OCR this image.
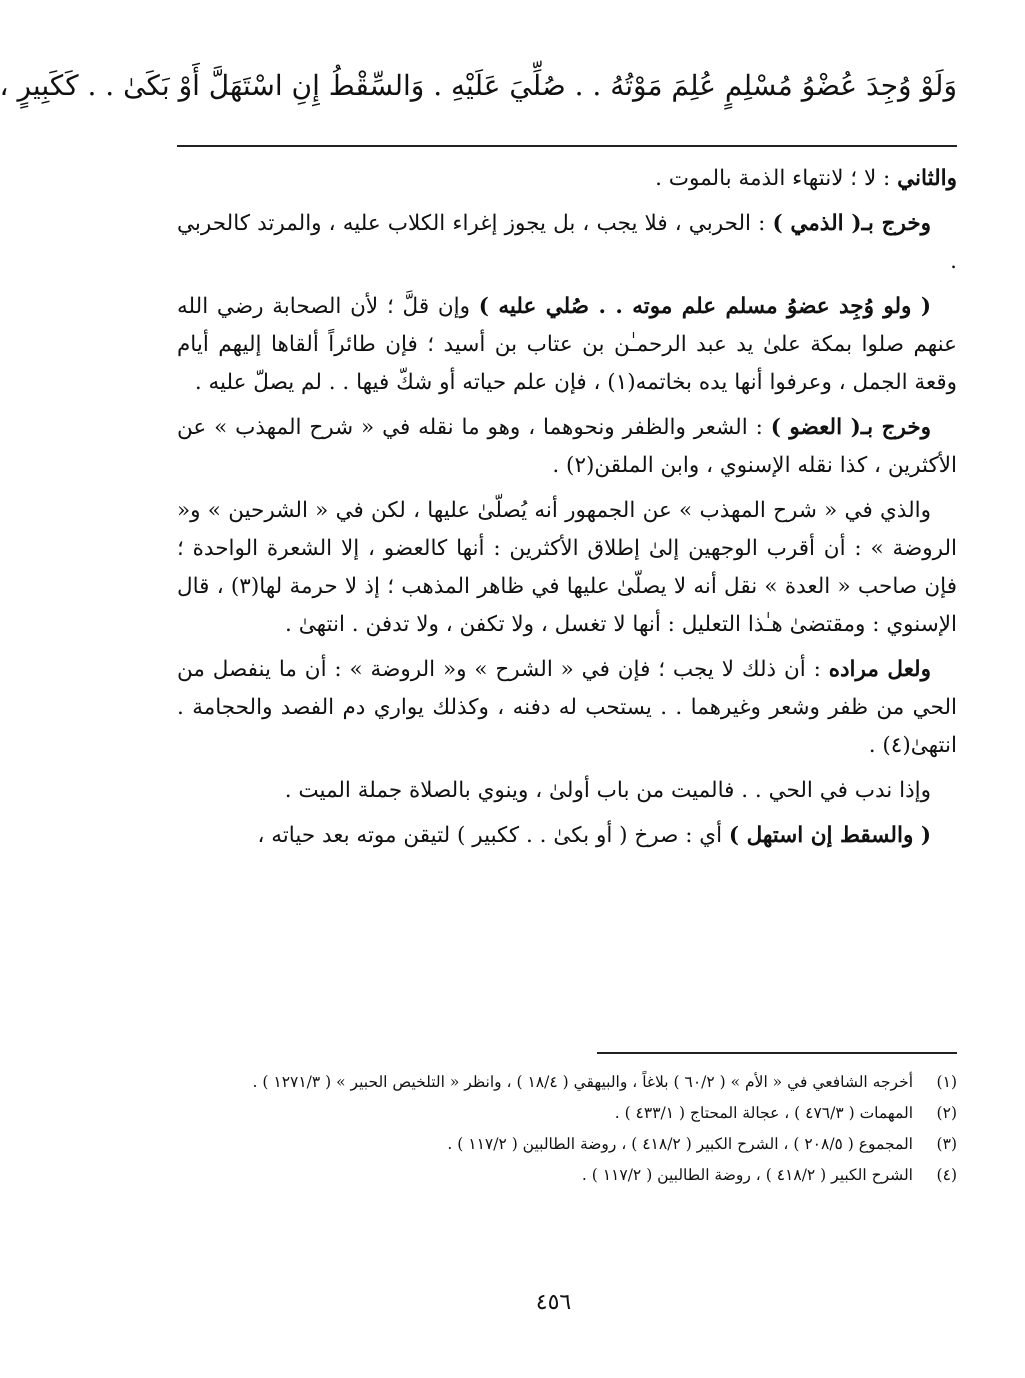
وَلَوْ وُجِدَ عُضْوُ مُسْلِمٍ عُلِمَ مَوْتُهُ . . صُلِّيَ عَلَيْهِ . وَالسِّقْطُ إِنِ اسْتَهَلَّ أَوْ بَكَىٰ . . كَكَبِيرٍ ،

والثاني : لا ؛ لانتهاء الذمة بالموت .

وخرج بـ( الذمي ) : الحربي ، فلا يجب ، بل يجوز إغراء الكلاب عليه ، والمرتد كالحربي .

( ولو وُجِد عضوُ مسلم علم موته . . صُلي عليه ) وإن قلَّ ؛ لأن الصحابة رضي الله عنهم صلوا بمكة علىٰ يد عبد الرحمـٰن بن عتاب بن أسيد ؛ فإن طائراً ألقاها إليهم أيام وقعة الجمل ، وعرفوا أنها يده بخاتمه(١) ، فإن علم حياته أو شكّ فيها . . لم يصلّ عليه .

وخرج بـ( العضو ) : الشعر والظفر ونحوهما ، وهو ما نقله في « شرح المهذب » عن الأكثرين ، كذا نقله الإسنوي ، وابن الملقن(٢) .

والذي في « شرح المهذب » عن الجمهور أنه يُصلّىٰ عليها ، لكن في « الشرحين » و« الروضة » : أن أقرب الوجهين إلىٰ إطلاق الأكثرين : أنها كالعضو ، إلا الشعرة الواحدة ؛ فإن صاحب « العدة » نقل أنه لا يصلّىٰ عليها في ظاهر المذهب ؛ إذ لا حرمة لها(٣) ، قال الإسنوي : ومقتضىٰ هـٰذا التعليل : أنها لا تغسل ، ولا تكفن ، ولا تدفن . انتهىٰ .

ولعل مراده : أن ذلك لا يجب ؛ فإن في « الشرح » و« الروضة » : أن ما ينفصل من الحي من ظفر وشعر وغيرهما . . يستحب له دفنه ، وكذلك يواري دم الفصد والحجامة . انتهىٰ(٤) .

وإذا ندب في الحي . . فالميت من باب أولىٰ ، وينوي بالصلاة جملة الميت .

( والسقط إن استهل ) أي : صرخ ( أو بكىٰ . . ككبير ) لتيقن موته بعد حياته ،

(١)
أخرجه الشافعي في « الأم » ( ٦٠/٢ ) بلاغاً ، والبيهقي ( ١٨/٤ ) ، وانظر « التلخيص الحبير » ( ١٢٧١/٣ ) .
(٢)
المهمات ( ٤٧٦/٣ ) ، عجالة المحتاج ( ٤٣٣/١ ) .
(٣)
المجموع ( ٢٠٨/٥ ) ، الشرح الكبير ( ٤١٨/٢ ) ، روضة الطالبين ( ١١٧/٢ ) .
(٤)
الشرح الكبير ( ٤١٨/٢ ) ، روضة الطالبين ( ١١٧/٢ ) .
٤٥٦
